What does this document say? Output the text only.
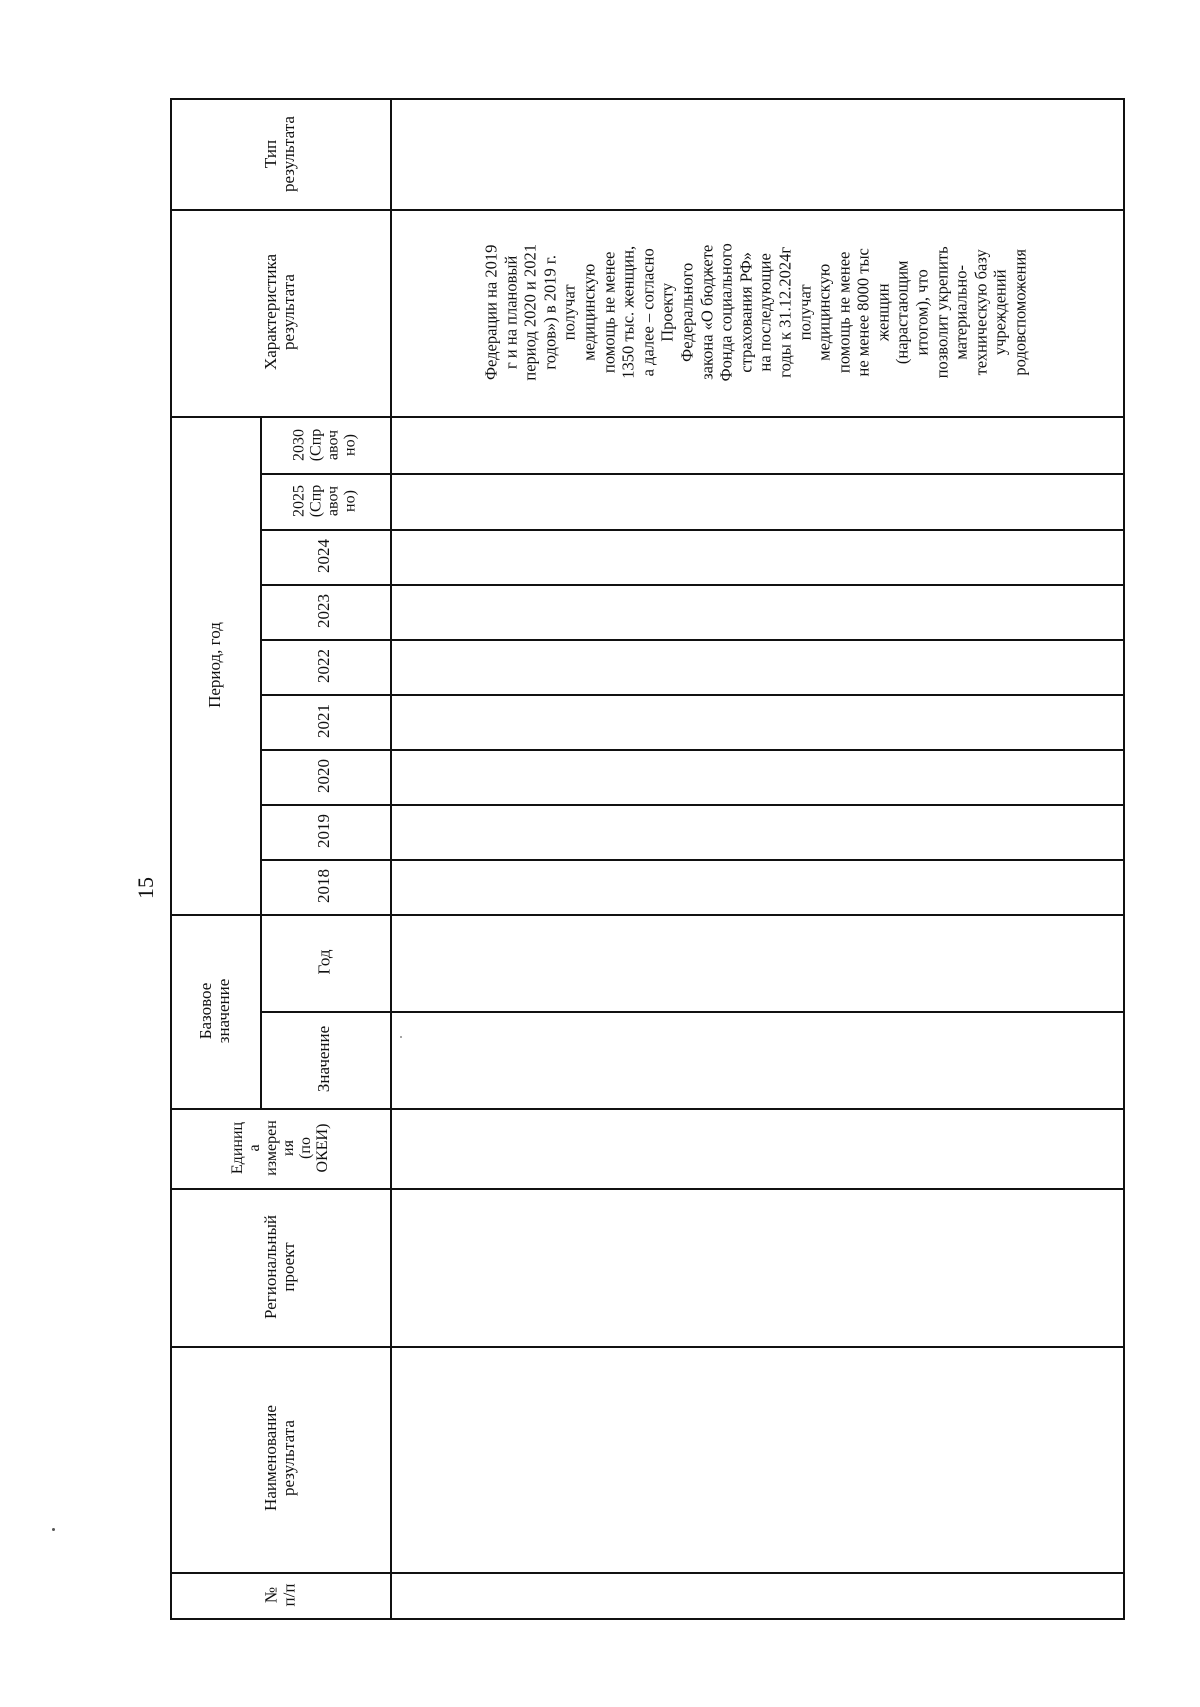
15
№
п/п
Наименование
результата
Региональный
проект
Единиц
а
измерен
ия
(по
ОКЕИ)
Базовое значение
Значение
Год
Период, год
2018
2019
2020
2021
2022
2023
2024
2025
(Спр
авоч
но)
2030
(Спр
авоч
но)
Характеристика
результата
Тип
результата
Федерации на 2019
г и на плановый
период 2020 и 2021
годов») в 2019 г.
получат
медицинскую
помощь не менее
1350 тыс. женщин,
а далее – согласно
Проекту
Федерального
закона «О бюджете
Фонда социального
страхования РФ»
на последующие
годы к 31.12.2024г
получат
медицинскую
помощь не менее
не менее 8000 тыс
женщин
(нарастающим
итогом), что
позволит укрепить
материально-
техническую базу
учреждений
родовспоможения
